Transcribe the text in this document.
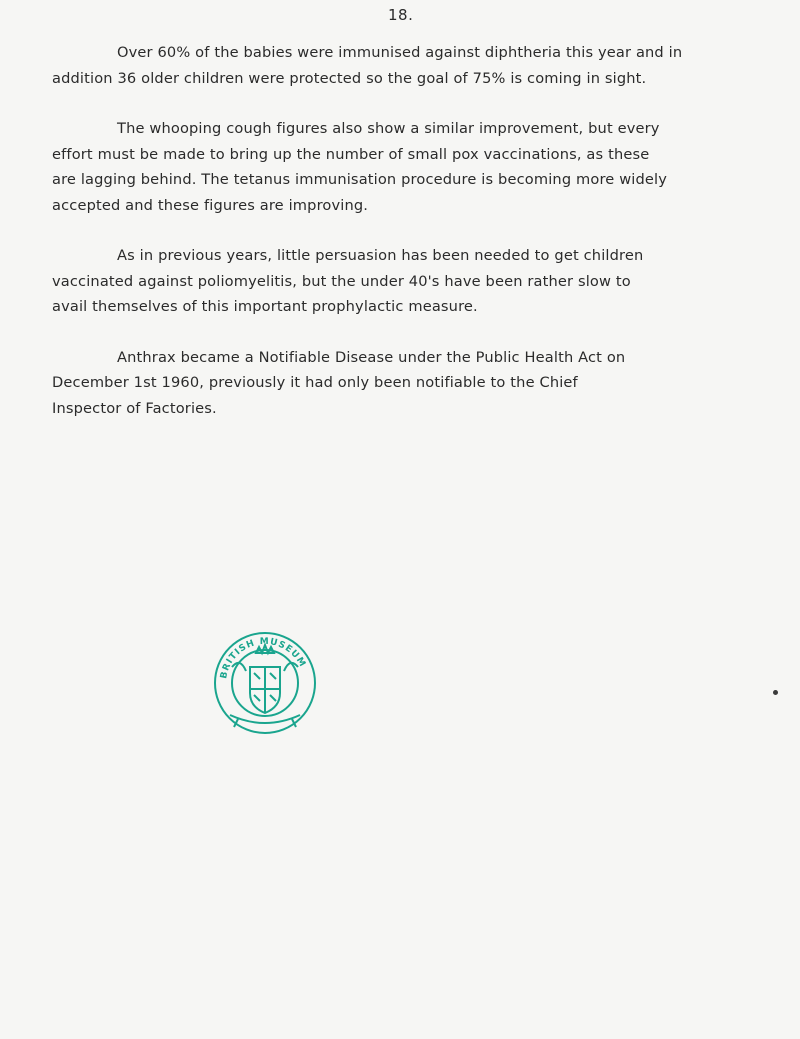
18.

Over 60% of the babies were immunised against diphtheria this year and in
addition 36 older children were protected so the goal of 75% is coming in sight.

The whooping cough figures also show a similar improvement, but every
effort must be made to bring up the number of small pox vaccinations, as these
are lagging behind. The tetanus immunisation procedure is becoming more widely
accepted and these figures are improving.

As in previous years, little persuasion has been needed to get children
vaccinated against poliomyelitis, but the under 40's have been rather slow to
avail themselves of this important prophylactic measure.

Anthrax became a Notifiable Disease under the Public Health Act on
December 1st 1960, previously it had only been notifiable to the Chief
Inspector of Factories.

BRITISH MUSEUM
